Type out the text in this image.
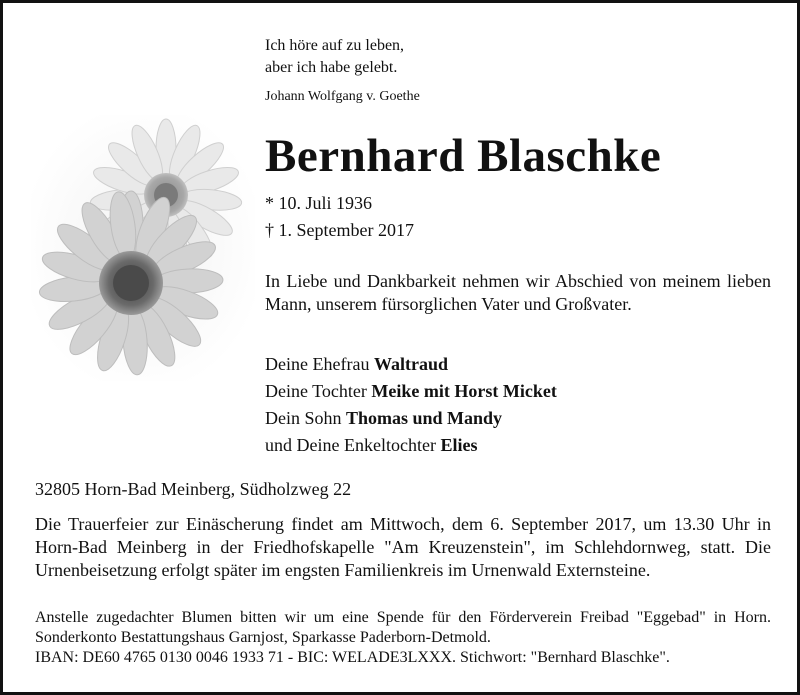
Ich höre auf zu leben,
aber ich habe gelebt.
Johann Wolfgang v. Goethe
Bernhard Blaschke
* 10. Juli 1936
† 1. September 2017
In Liebe und Dankbarkeit nehmen wir Abschied von meinem lieben Mann, unserem fürsorglichen Vater und Großvater.
Deine Ehefrau Waltraud
Deine Tochter Meike mit Horst Micket
Dein Sohn Thomas und Mandy
und Deine Enkeltochter Elies
32805 Horn-Bad Meinberg, Südholzweg 22
Die Trauerfeier zur Einäscherung findet am Mittwoch, dem 6. September 2017, um 13.30 Uhr in Horn-Bad Meinberg in der Friedhofskapelle "Am Kreuzenstein", im Schlehdornweg, statt. Die Urnenbeisetzung erfolgt später im engsten Familienkreis im Urnenwald Externsteine.
Anstelle zugedachter Blumen bitten wir um eine Spende für den Förderverein Freibad "Eggebad" in Horn. Sonderkonto Bestattungshaus Garnjost, Sparkasse Paderborn-Detmold.
IBAN: DE60 4765 0130 0046 1933 71 - BIC: WELADE3LXXX. Stichwort: "Bernhard Blaschke".
